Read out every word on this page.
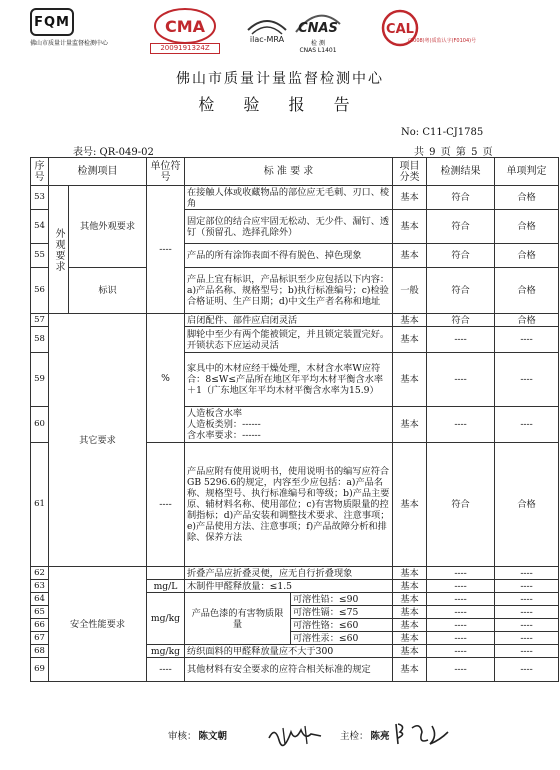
FQM
佛山市质量计量监督检测中心
CMA
2009191324Z
ilac-MRA
CNAS
检 测
CNAS L1401
CAL
(2008)粤)质监认字(F0104)号
佛山市质量计量监督检测中心
检 验 报 告
No: C11-CJ1785
表号: QR-049-02	共 9 页 第 5 页
序号	检测项目		单位符号	标 准 要 求		项目分类	检测结果	单项判定
53	外观要求	其他外观要求	----	在接触人体或收藏物品的部位应无毛刺、刃口、棱角		基本	符合	合格
54				固定部位的结合应牢固无松动、无少件、漏钉、透钉（预留孔、选择孔除外）		基本	符合	合格
55				产品的所有涂饰表面不得有脱色、掉色现象		基本	符合	合格
56		标识		产品上宜有标识，产品标识至少应包括以下内容：a)产品名称、规格型号；b)执行标准编号；c)检验合格证明、生产日期；d)中文生产者名称和地址		一般	符合	合格
57	其它要求		%	启闭配件、部件应启闭灵活		基本	符合	合格
58				脚轮中至少有两个能被锁定，并且锁定装置完好。开锁状态下应运动灵活		基本	----	----
59				家具中的木材应经干燥处理，木材含水率W应符合：8≤W≤产品所在地区年平均木材平衡含水率＋1（广东地区年平均木材平衡含水率为15.9）		基本	----	----
60				人造板含水率
人造板类别：------
含水率要求：------		基本	----	----
61			----	产品应附有使用说明书，使用说明书的编写应符合GB 5296.6的规定，内容至少应包括：a)产品名称、规格型号、执行标准编号和等级；b)产品主要原、辅材料名称、使用部位；c)有害物质限量的控制指标；d)产品安装和调整技术要求、注意事项；e)产品使用方法、注意事项；f)产品故障分析和排除、保养方法		基本	符合	合格
62	安全性能要求			折叠产品应折叠灵便，应无自行折叠现象		基本	----	----
63			mg/L	木制件甲醛释放量：≤1.5		基本	----	----
64			mg/kg	产品色漆的有害物质限量	可溶性铅：≤90	基本	----	----
65					可溶性镉：≤75	基本	----	----
66					可溶性铬：≤60	基本	----	----
67					可溶性汞：≤60	基本	----	----
68			mg/kg	纺织面料的甲醛释放量应不大于300		基本	----	----
69			----	其他材料有安全要求的应符合相关标准的规定		基本	----	----
审核： 陈文朝	主检： 陈亮
